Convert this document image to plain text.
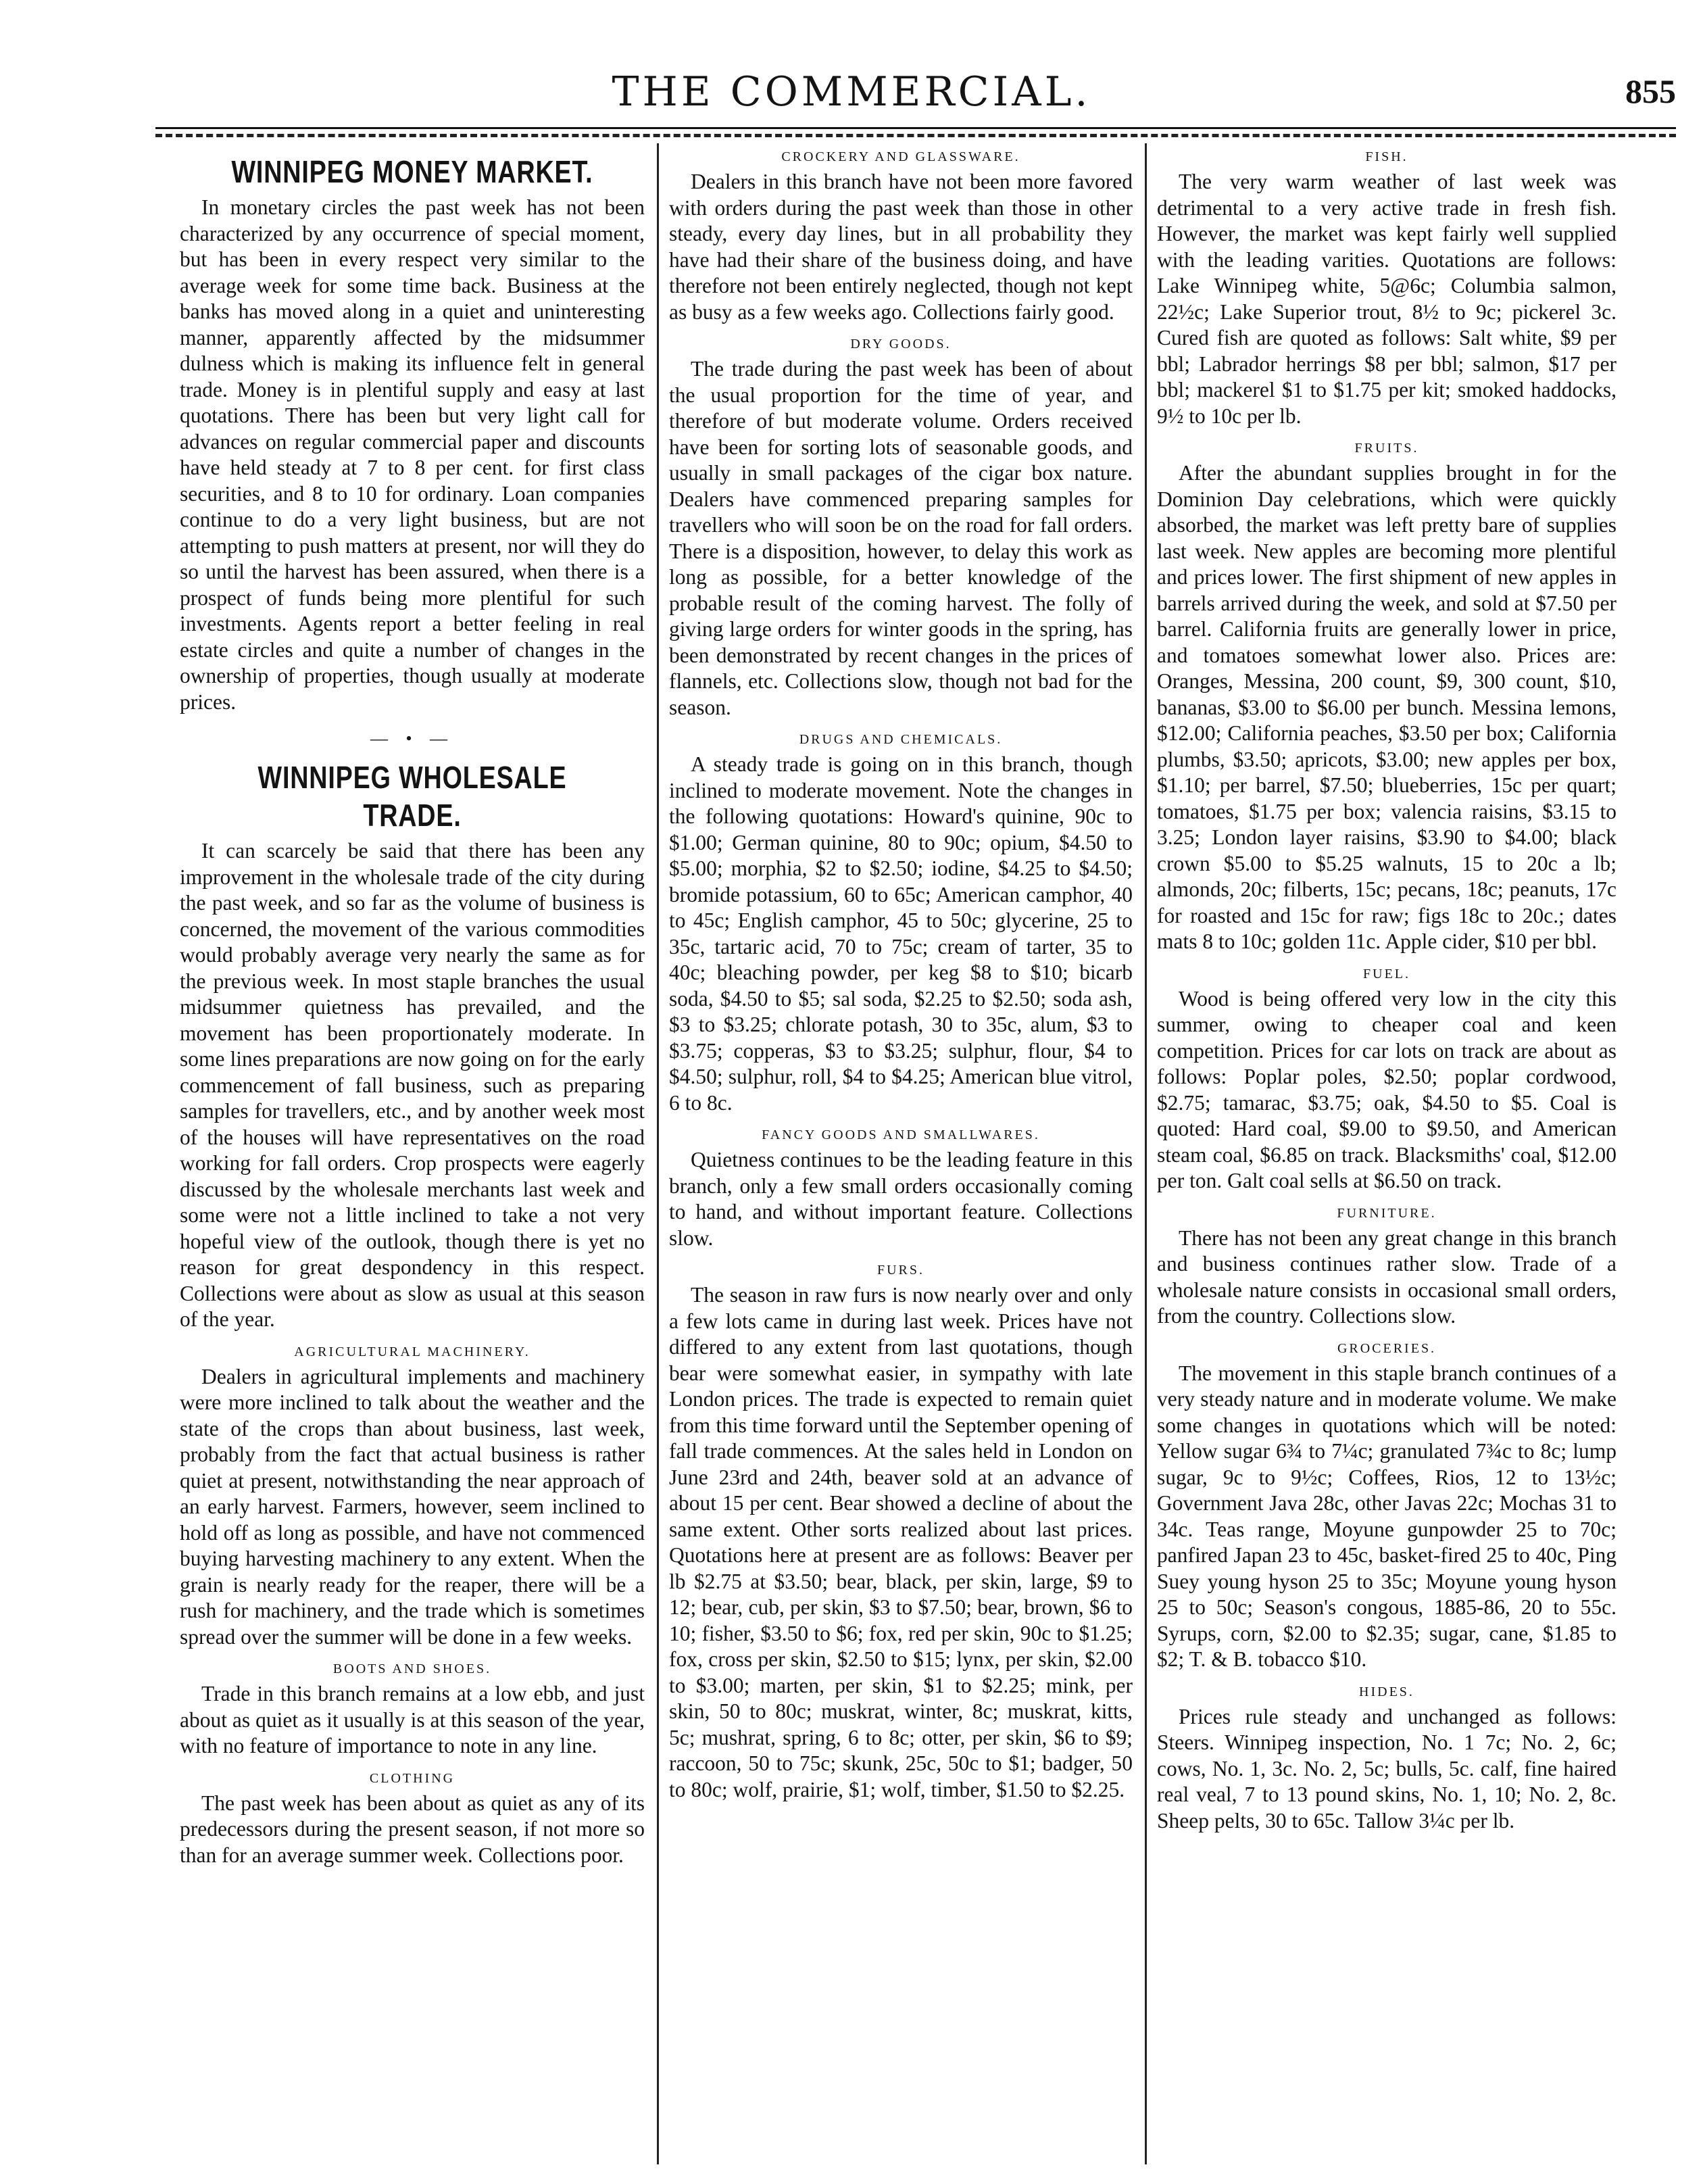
THE COMMERCIAL.	855
WINNIPEG MONEY MARKET.

In monetary circles the past week has not been characterized by any occurrence of special moment, but has been in every respect very similar to the average week for some time back. Business at the banks has moved along in a quiet and uninteresting manner, apparently affected by the midsummer dulness which is making its influence felt in general trade. Money is in plentiful supply and easy at last quotations. There has been but very light call for advances on regular commercial paper and discounts have held steady at 7 to 8 per cent. for first class securities, and 8 to 10 for ordinary. Loan companies continue to do a very light business, but are not attempting to push matters at present, nor will they do so until the harvest has been assured, when there is a prospect of funds being more plentiful for such investments. Agents report a better feeling in real estate circles and quite a number of changes in the ownership of properties, though usually at moderate prices.

— • —
WINNIPEG WHOLESALE TRADE.

It can scarcely be said that there has been any improvement in the wholesale trade of the city during the past week, and so far as the volume of business is concerned, the movement of the various commodities would probably average very nearly the same as for the previous week. In most staple branches the usual midsummer quietness has prevailed, and the movement has been proportionately moderate. In some lines preparations are now going on for the early commencement of fall business, such as preparing samples for travellers, etc., and by another week most of the houses will have representatives on the road working for fall orders. Crop prospects were eagerly discussed by the wholesale merchants last week and some were not a little inclined to take a not very hopeful view of the outlook, though there is yet no reason for great despondency in this respect. Collections were about as slow as usual at this season of the year.

AGRICULTURAL MACHINERY.

Dealers in agricultural implements and machinery were more inclined to talk about the weather and the state of the crops than about business, last week, probably from the fact that actual business is rather quiet at present, notwithstanding the near approach of an early harvest. Farmers, however, seem inclined to hold off as long as possible, and have not commenced buying harvesting machinery to any extent. When the grain is nearly ready for the reaper, there will be a rush for machinery, and the trade which is sometimes spread over the summer will be done in a few weeks.

BOOTS AND SHOES.

Trade in this branch remains at a low ebb, and just about as quiet as it usually is at this season of the year, with no feature of importance to note in any line.

CLOTHING

The past week has been about as quiet as any of its predecessors during the present season, if not more so than for an average summer week. Collections poor.

CROCKERY AND GLASSWARE.

Dealers in this branch have not been more favored with orders during the past week than those in other steady, every day lines, but in all probability they have had their share of the business doing, and have therefore not been entirely neglected, though not kept as busy as a few weeks ago. Collections fairly good.

DRY GOODS.

The trade during the past week has been of about the usual proportion for the time of year, and therefore of but moderate volume. Orders received have been for sorting lots of seasonable goods, and usually in small packages of the cigar box nature. Dealers have commenced preparing samples for travellers who will soon be on the road for fall orders. There is a disposition, however, to delay this work as long as possible, for a better knowledge of the probable result of the coming harvest. The folly of giving large orders for winter goods in the spring, has been demonstrated by recent changes in the prices of flannels, etc. Collections slow, though not bad for the season.

DRUGS AND CHEMICALS.

A steady trade is going on in this branch, though inclined to moderate movement. Note the changes in the following quotations: Howard's quinine, 90c to $1.00; German quinine, 80 to 90c; opium, $4.50 to $5.00; morphia, $2 to $2.50; iodine, $4.25 to $4.50; bromide potassium, 60 to 65c; American camphor, 40 to 45c; English camphor, 45 to 50c; glycerine, 25 to 35c, tartaric acid, 70 to 75c; cream of tarter, 35 to 40c; bleaching powder, per keg $8 to $10; bicarb soda, $4.50 to $5; sal soda, $2.25 to $2.50; soda ash, $3 to $3.25; chlorate potash, 30 to 35c, alum, $3 to $3.75; copperas, $3 to $3.25; sulphur, flour, $4 to $4.50; sulphur, roll, $4 to $4.25; American blue vitrol, 6 to 8c.

FANCY GOODS AND SMALLWARES.

Quietness continues to be the leading feature in this branch, only a few small orders occasionally coming to hand, and without important feature. Collections slow.

FURS.

The season in raw furs is now nearly over and only a few lots came in during last week. Prices have not differed to any extent from last quotations, though bear were somewhat easier, in sympathy with late London prices. The trade is expected to remain quiet from this time forward until the September opening of fall trade commences. At the sales held in London on June 23rd and 24th, beaver sold at an advance of about 15 per cent. Bear showed a decline of about the same extent. Other sorts realized about last prices. Quotations here at present are as follows: Beaver per lb $2.75 at $3.50; bear, black, per skin, large, $9 to 12; bear, cub, per skin, $3 to $7.50; bear, brown, $6 to 10; fisher, $3.50 to $6; fox, red per skin, 90c to $1.25; fox, cross per skin, $2.50 to $15; lynx, per skin, $2.00 to $3.00; marten, per skin, $1 to $2.25; mink, per skin, 50 to 80c; muskrat, winter, 8c; muskrat, kitts, 5c; mushrat, spring, 6 to 8c; otter, per skin, $6 to $9; raccoon, 50 to 75c; skunk, 25c, 50c to $1; badger, 50 to 80c; wolf, prairie, $1; wolf, timber, $1.50 to $2.25.

FISH.

The very warm weather of last week was detrimental to a very active trade in fresh fish. However, the market was kept fairly well supplied with the leading varities. Quotations are follows: Lake Winnipeg white, 5@6c; Columbia salmon, 22½c; Lake Superior trout, 8½ to 9c; pickerel 3c. Cured fish are quoted as follows: Salt white, $9 per bbl; Labrador herrings $8 per bbl; salmon, $17 per bbl; mackerel $1 to $1.75 per kit; smoked haddocks, 9½ to 10c per lb.

FRUITS.

After the abundant supplies brought in for the Dominion Day celebrations, which were quickly absorbed, the market was left pretty bare of supplies last week. New apples are becoming more plentiful and prices lower. The first shipment of new apples in barrels arrived during the week, and sold at $7.50 per barrel. California fruits are generally lower in price, and tomatoes somewhat lower also. Prices are: Oranges, Messina, 200 count, $9, 300 count, $10, bananas, $3.00 to $6.00 per bunch. Messina lemons, $12.00; California peaches, $3.50 per box; California plumbs, $3.50; apricots, $3.00; new apples per box, $1.10; per barrel, $7.50; blueberries, 15c per quart; tomatoes, $1.75 per box; valencia raisins, $3.15 to 3.25; London layer raisins, $3.90 to $4.00; black crown $5.00 to $5.25 walnuts, 15 to 20c a lb; almonds, 20c; filberts, 15c; pecans, 18c; peanuts, 17c for roasted and 15c for raw; figs 18c to 20c.; dates mats 8 to 10c; golden 11c. Apple cider, $10 per bbl.

FUEL.

Wood is being offered very low in the city this summer, owing to cheaper coal and keen competition. Prices for car lots on track are about as follows: Poplar poles, $2.50; poplar cordwood, $2.75; tamarac, $3.75; oak, $4.50 to $5. Coal is quoted: Hard coal, $9.00 to $9.50, and American steam coal, $6.85 on track. Blacksmiths' coal, $12.00 per ton. Galt coal sells at $6.50 on track.

FURNITURE.

There has not been any great change in this branch and business continues rather slow. Trade of a wholesale nature consists in occasional small orders, from the country. Collections slow.

GROCERIES.

The movement in this staple branch continues of a very steady nature and in moderate volume. We make some changes in quotations which will be noted: Yellow sugar 6¾ to 7¼c; granulated 7¾c to 8c; lump sugar, 9c to 9½c; Coffees, Rios, 12 to 13½c; Government Java 28c, other Javas 22c; Mochas 31 to 34c. Teas range, Moyune gunpowder 25 to 70c; panfired Japan 23 to 45c, basket-fired 25 to 40c, Ping Suey young hyson 25 to 35c; Moyune young hyson 25 to 50c; Season's congous, 1885-86, 20 to 55c. Syrups, corn, $2.00 to $2.35; sugar, cane, $1.85 to $2; T. & B. tobacco $10.

HIDES.

Prices rule steady and unchanged as follows: Steers. Winnipeg inspection, No. 1 7c; No. 2, 6c; cows, No. 1, 3c. No. 2, 5c; bulls, 5c. calf, fine haired real veal, 7 to 13 pound skins, No. 1, 10; No. 2, 8c. Sheep pelts, 30 to 65c. Tallow 3¼c per lb.
